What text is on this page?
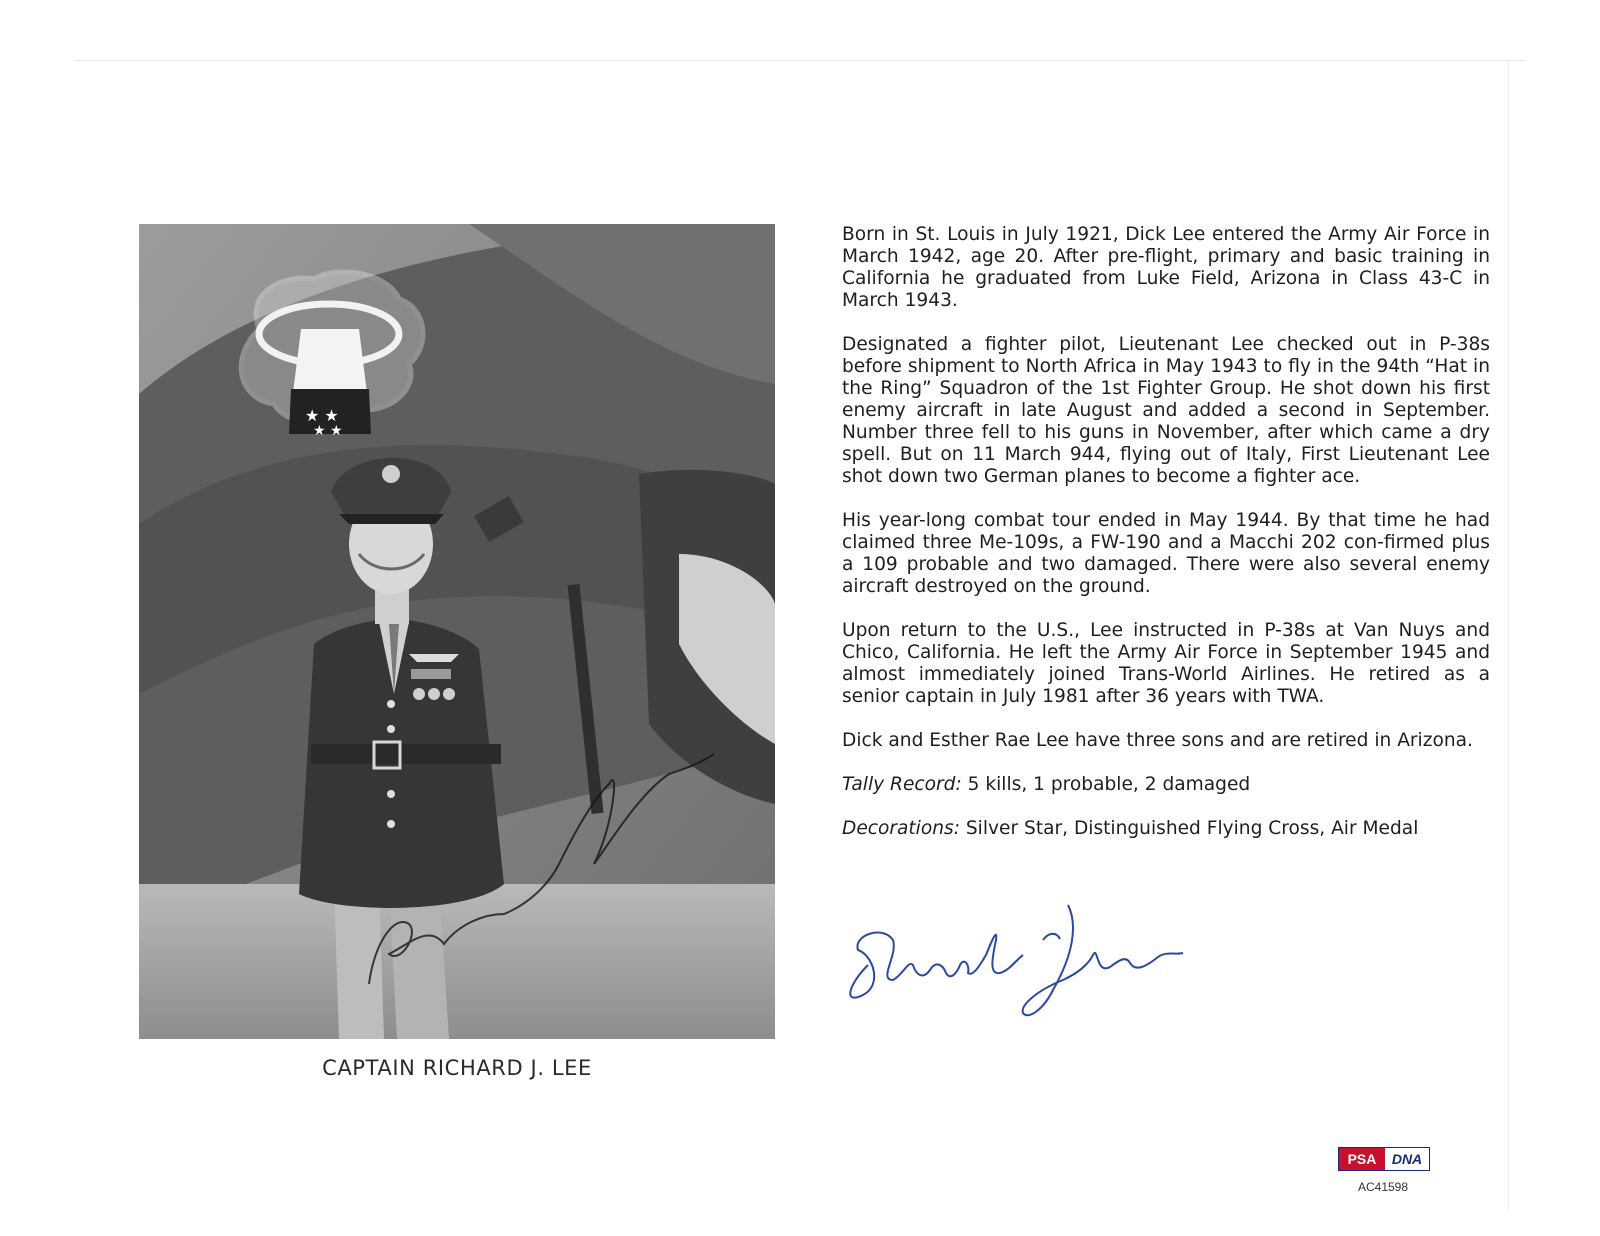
★ ★
★ ★
CAPTAIN RICHARD J. LEE

Born in St. Louis in July 1921, Dick Lee entered the Army Air Force in March 1942, age 20. After pre-flight, primary and basic training in California he graduated from Luke Field, Arizona in Class 43-C in March 1943.

Designated a fighter pilot, Lieutenant Lee checked out in P-38s before shipment to North Africa in May 1943 to fly in the 94th “Hat in the Ring” Squadron of the 1st Fighter Group. He shot down his first enemy aircraft in late August and added a second in September. Number three fell to his guns in November, after which came a dry spell. But on 11 March 944, flying out of Italy, First Lieutenant Lee shot down two German planes to become a fighter ace.

His year-long combat tour ended in May 1944. By that time he had claimed three Me-109s, a FW-190 and a Macchi 202 con-firmed plus a 109 probable and two damaged. There were also several enemy aircraft destroyed on the ground.

Upon return to the U.S., Lee instructed in P-38s at Van Nuys and Chico, California. He left the Army Air Force in September 1945 and almost immediately joined Trans-World Airlines. He retired as a senior captain in July 1981 after 36 years with TWA.

Dick and Esther Rae Lee have three sons and are retired in Arizona.

Tally Record: 5 kills, 1 probable, 2 damaged
Decorations: Silver Star, Distinguished Flying Cross, Air Medal
PSA	DNA
AC41598
